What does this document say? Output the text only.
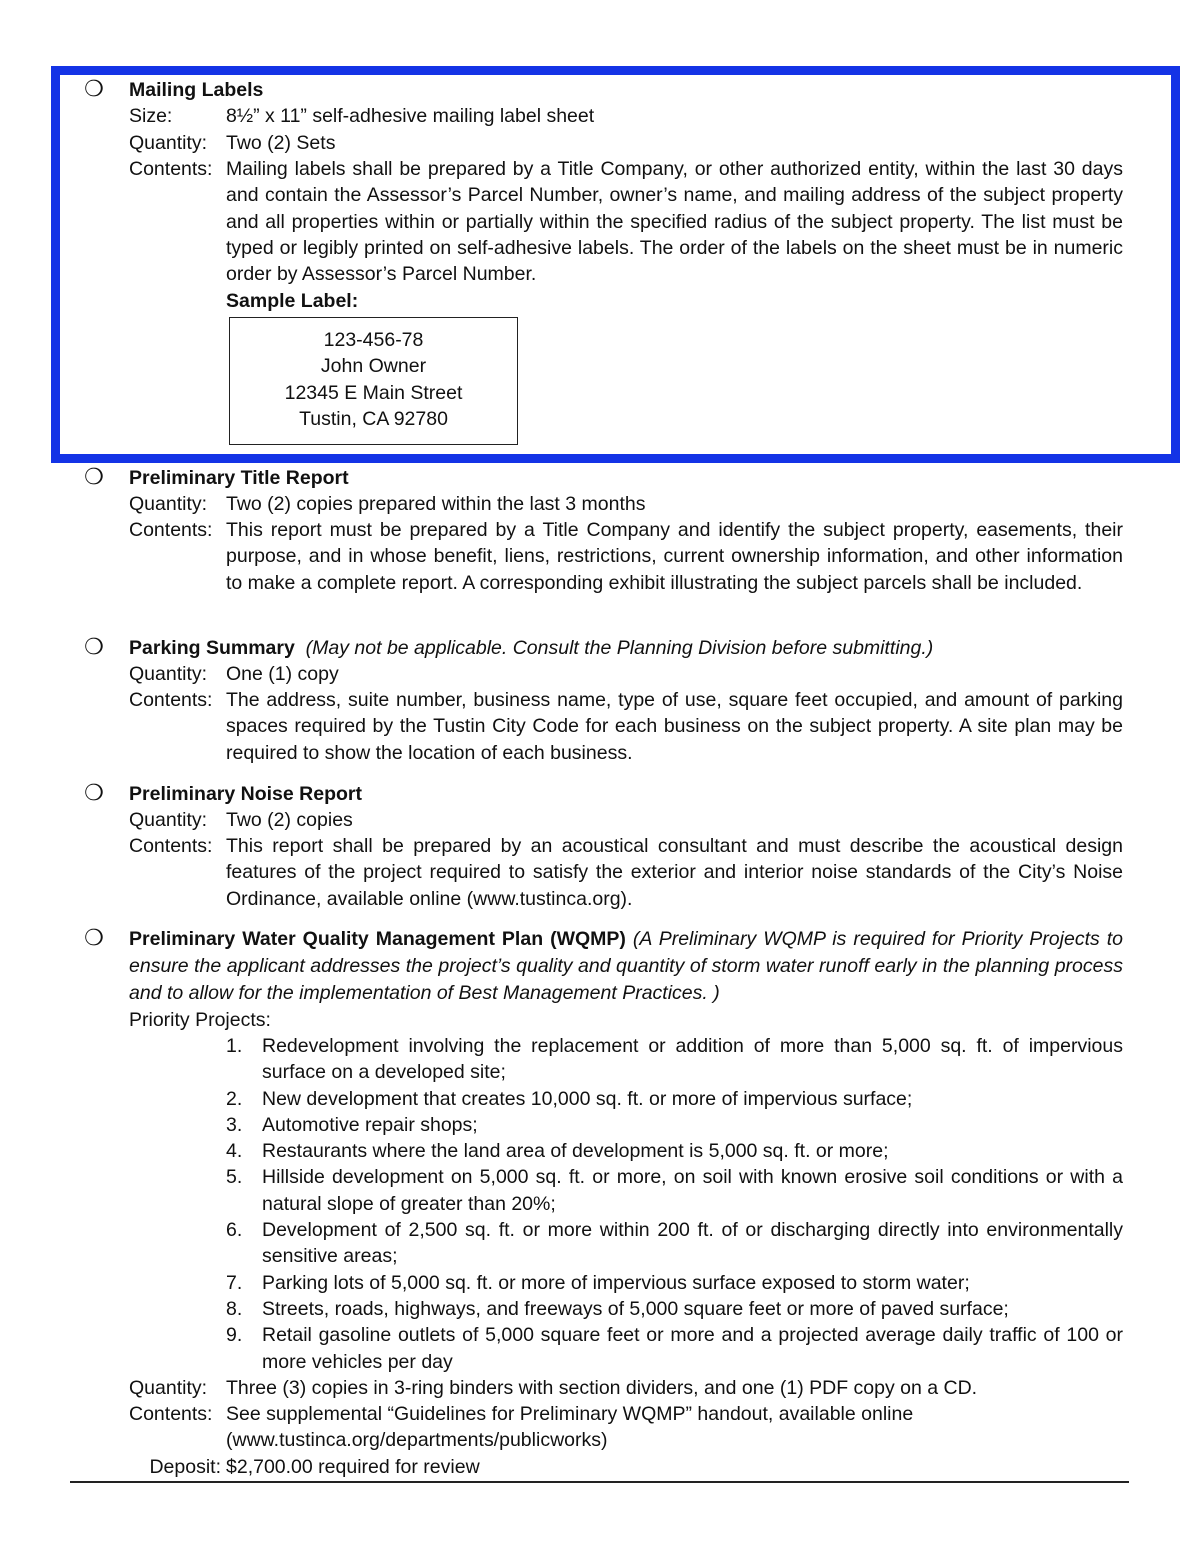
❍ Mailing Labels
Size:	8½” x 11” self-adhesive mailing label sheet
Quantity: Two (2) Sets
Contents: Mailing labels shall be prepared by a Title Company, or other authorized entity, within the last 30 days and contain the Assessor’s Parcel Number, owner’s name, and mailing address of the subject property and all properties within or partially within the specified radius of the subject property. The list must be typed or legibly printed on self-adhesive labels. The order of the labels on the sheet must be in numeric order by Assessor’s Parcel Number.
Sample Label:
123-456-78
John Owner
12345 E Main Street
Tustin, CA 92780
❍ Preliminary Title Report
Quantity: Two (2) copies prepared within the last 3 months
Contents: This report must be prepared by a Title Company and identify the subject property, easements, their purpose, and in whose benefit, liens, restrictions, current ownership information, and other information to make a complete report. A corresponding exhibit illustrating the subject parcels shall be included.
❍ Parking Summary (May not be applicable. Consult the Planning Division before submitting.)
Quantity: One (1) copy
Contents: The address, suite number, business name, type of use, square feet occupied, and amount of parking spaces required by the Tustin City Code for each business on the subject property. A site plan may be required to show the location of each business.
❍ Preliminary Noise Report
Quantity: Two (2) copies
Contents: This report shall be prepared by an acoustical consultant and must describe the acoustical design features of the project required to satisfy the exterior and interior noise standards of the City’s Noise Ordinance, available online (www.tustinca.org).
❍ Preliminary Water Quality Management Plan (WQMP) (A Preliminary WQMP is required for Priority Projects to ensure the applicant addresses the project’s quality and quantity of storm water runoff early in the planning process and to allow for the implementation of Best Management Practices. )
Priority Projects:
1. Redevelopment involving the replacement or addition of more than 5,000 sq. ft. of impervious surface on a developed site;
2. New development that creates 10,000 sq. ft. or more of impervious surface;
3. Automotive repair shops;
4. Restaurants where the land area of development is 5,000 sq. ft. or more;
5. Hillside development on 5,000 sq. ft. or more, on soil with known erosive soil conditions or with a natural slope of greater than 20%;
6. Development of 2,500 sq. ft. or more within 200 ft. of or discharging directly into environmentally sensitive areas;
7. Parking lots of 5,000 sq. ft. or more of impervious surface exposed to storm water;
8. Streets, roads, highways, and freeways of 5,000 square feet or more of paved surface;
9. Retail gasoline outlets of 5,000 square feet or more and a projected average daily traffic of 100 or more vehicles per day
Quantity: Three (3) copies in 3-ring binders with section dividers, and one (1) PDF copy on a CD.
Contents: See supplemental “Guidelines for Preliminary WQMP” handout, available online (www.tustinca.org/departments/publicworks)
Deposit: $2,700.00 required for review
